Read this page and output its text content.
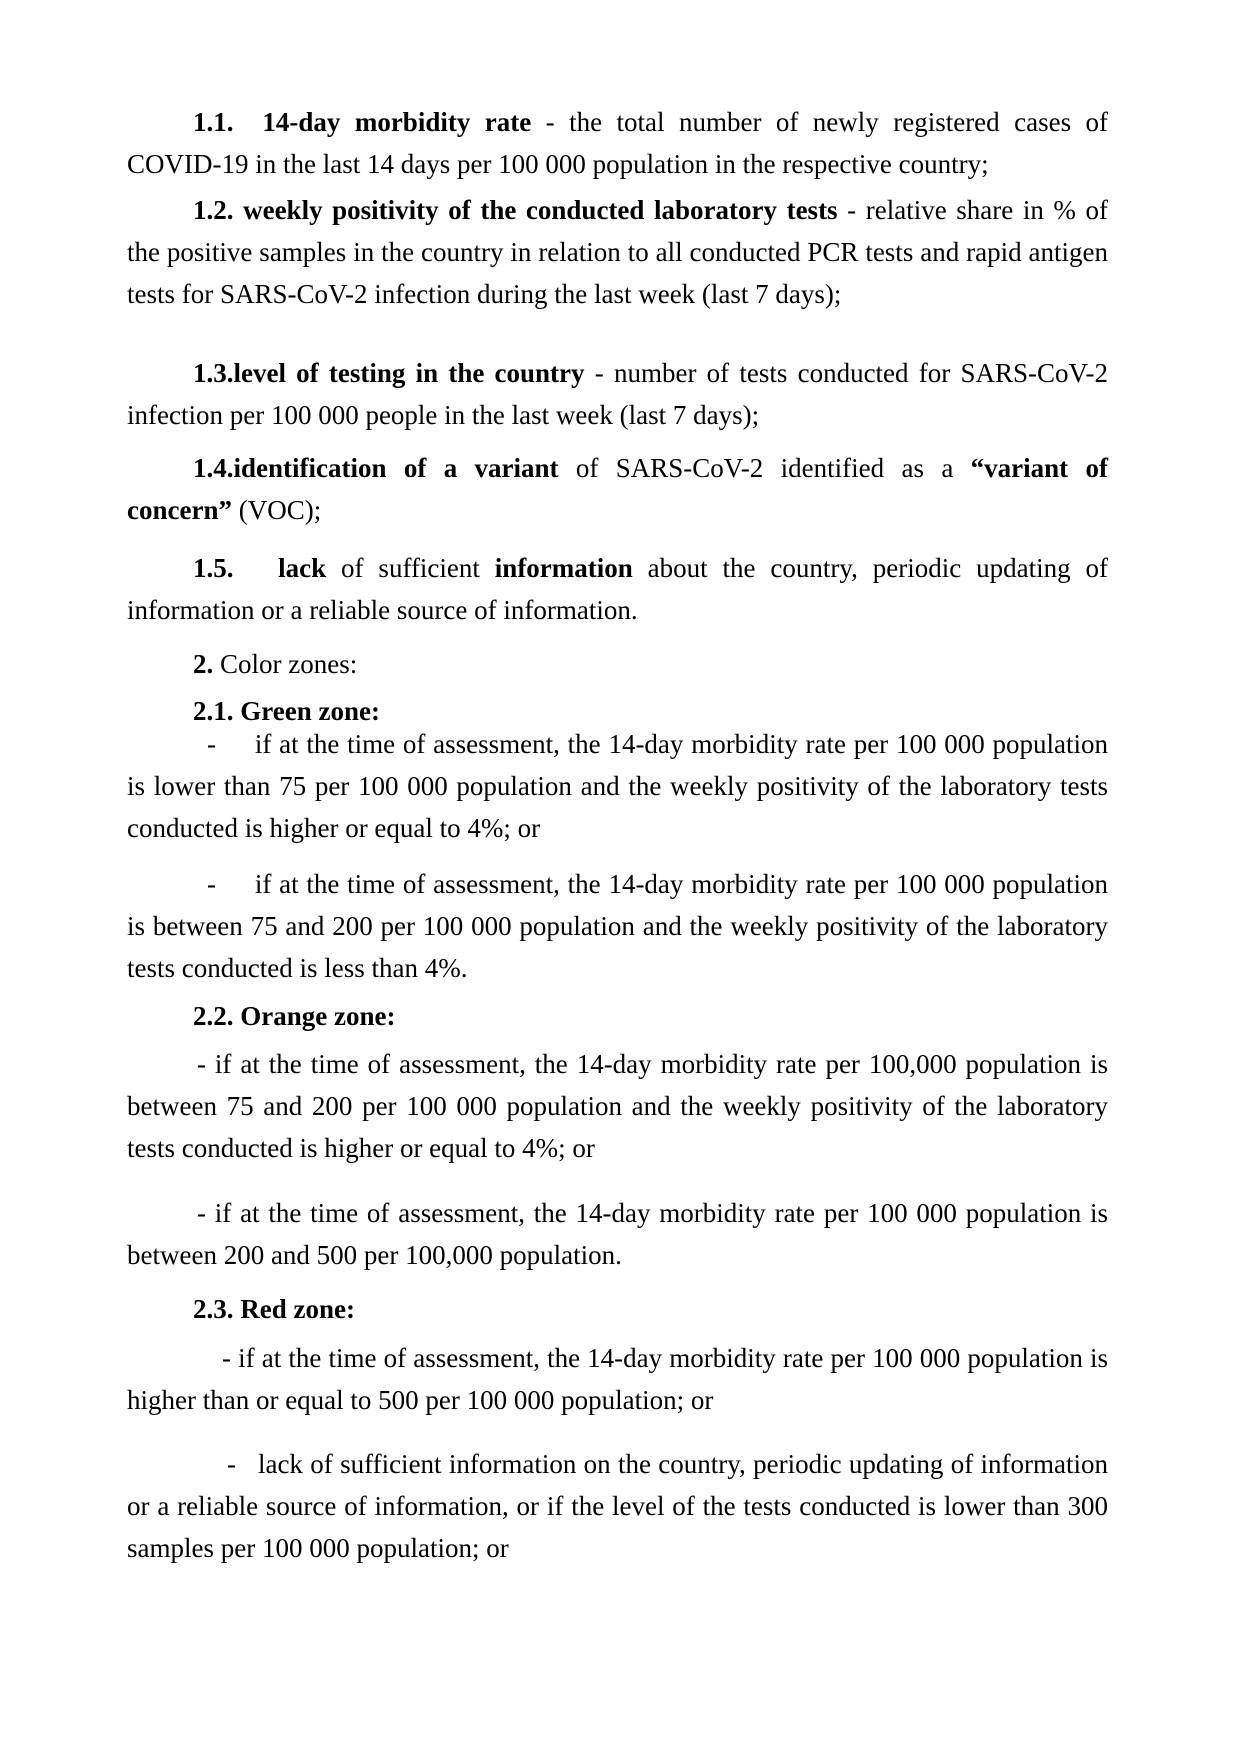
1.1.  14-day morbidity rate - the total number of newly registered cases of COVID-19 in the last 14 days per 100 000 population in the respective country;

1.2. weekly positivity of the conducted laboratory tests - relative share in % of the positive samples in the country in relation to all conducted PCR tests and rapid antigen tests for SARS-CoV-2 infection during the last week (last 7 days);

1.3.level of testing in the country - number of tests conducted for SARS-CoV-2 infection per 100 000 people in the last week (last 7 days);

1.4.identification of a variant of SARS-CoV-2 identified as a “variant of concern” (VOC);

1.5. lack of sufficient information about the country, periodic updating of information or a reliable source of information.

2. Color zones:

2.1. Green zone:

-     if at the time of assessment, the 14-day morbidity rate per 100 000 population is lower than 75 per 100 000 population and the weekly positivity of the laboratory tests conducted is higher or equal to 4%; or

-     if at the time of assessment, the 14-day morbidity rate per 100 000 population is between 75 and 200 per 100 000 population and the weekly positivity of the laboratory tests conducted is less than 4%.

2.2. Orange zone:

- if at the time of assessment, the 14-day morbidity rate per 100,000 population is between 75 and 200 per 100 000 population and the weekly positivity of the laboratory tests conducted is higher or equal to 4%; or

- if at the time of assessment, the 14-day morbidity rate per 100 000 population is between 200 and 500 per 100,000 population.

2.3. Red zone:

- if at the time of assessment, the 14-day morbidity rate per 100 000 population is higher than or equal to 500 per 100 000 population; or

-   lack of sufficient information on the country, periodic updating of information or a reliable source of information, or if the level of the tests conducted is lower than 300 samples per 100 000 population; or
